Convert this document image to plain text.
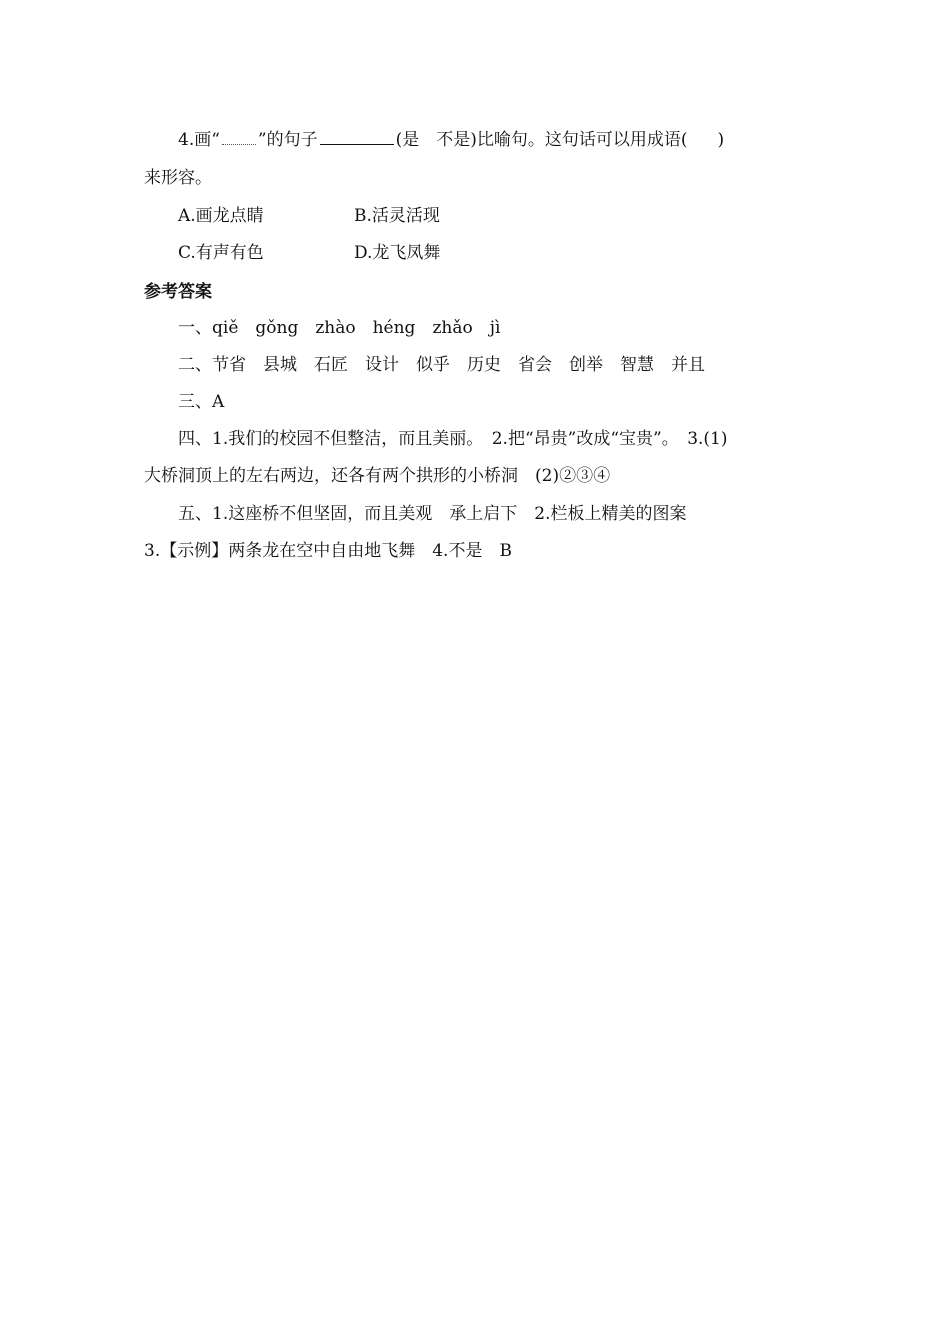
4.画“ ”的句子	(是　不是)比喻句。这句话可以用成语( )
来形容。
A.画龙点睛	B.活灵活现
C.有声有色	D.龙飞凤舞
参考答案
一、qiě　gǒng　zhào　héng　zhǎo　jì
二、节省　县城　石匠　设计　似乎　历史　省会　创举　智慧　并且
三、A
四、1.我们的校园不但整洁，而且美丽。　2.把“昂贵”改成“宝贵”。　3.(1)
大桥洞顶上的左右两边，还各有两个拱形的小桥洞　(2)②③④
五、1.这座桥不但坚固，而且美观　承上启下　2.栏板上精美的图案
3.【示例】两条龙在空中自由地飞舞　4.不是　B
